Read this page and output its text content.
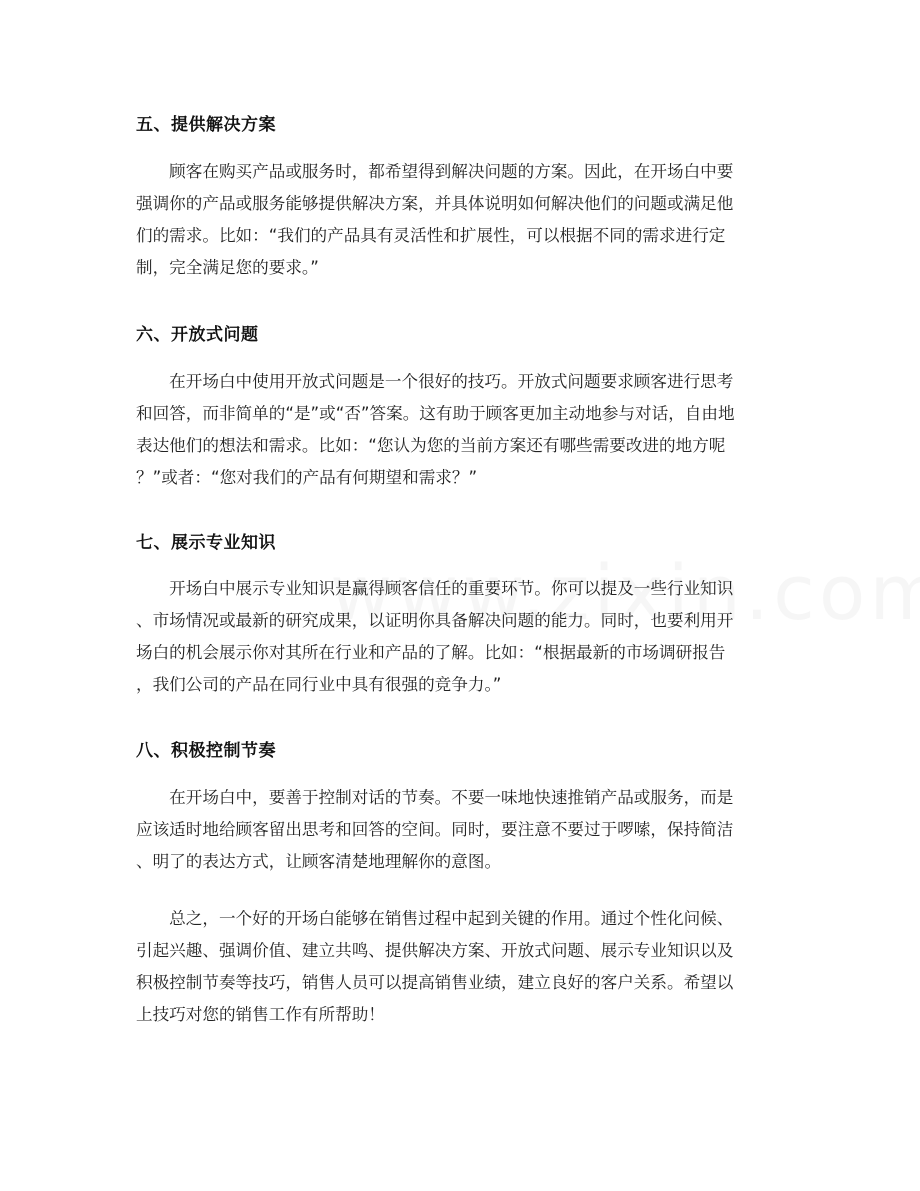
五、提供解决方案
　　顾客在购买产品或服务时，都希望得到解决问题的方案。因此，在开场白中要
强调你的产品或服务能够提供解决方案，并具体说明如何解决他们的问题或满足他
们的需求。比如：“我们的产品具有灵活性和扩展性，可以根据不同的需求进行定
制，完全满足您的要求。”
六、开放式问题
　　在开场白中使用开放式问题是一个很好的技巧。开放式问题要求顾客进行思考
和回答，而非简单的“是”或“否”答案。这有助于顾客更加主动地参与对话，自由地
表达他们的想法和需求。比如：“您认为您的当前方案还有哪些需要改进的地方呢
？”或者：“您对我们的产品有何期望和需求？”
七、展示专业知识
　　开场白中展示专业知识是赢得顾客信任的重要环节。你可以提及一些行业知识
、市场情况或最新的研究成果，以证明你具备解决问题的能力。同时，也要利用开
场白的机会展示你对其所在行业和产品的了解。比如：“根据最新的市场调研报告
，我们公司的产品在同行业中具有很强的竞争力。”
八、积极控制节奏
　　在开场白中，要善于控制对话的节奏。不要一味地快速推销产品或服务，而是
应该适时地给顾客留出思考和回答的空间。同时，要注意不要过于啰嗦，保持简洁
、明了的表达方式，让顾客清楚地理解你的意图。
　　总之，一个好的开场白能够在销售过程中起到关键的作用。通过个性化问候、
引起兴趣、强调价值、建立共鸣、提供解决方案、开放式问题、展示专业知识以及
积极控制节奏等技巧，销售人员可以提高销售业绩，建立良好的客户关系。希望以
上技巧对您的销售工作有所帮助！
